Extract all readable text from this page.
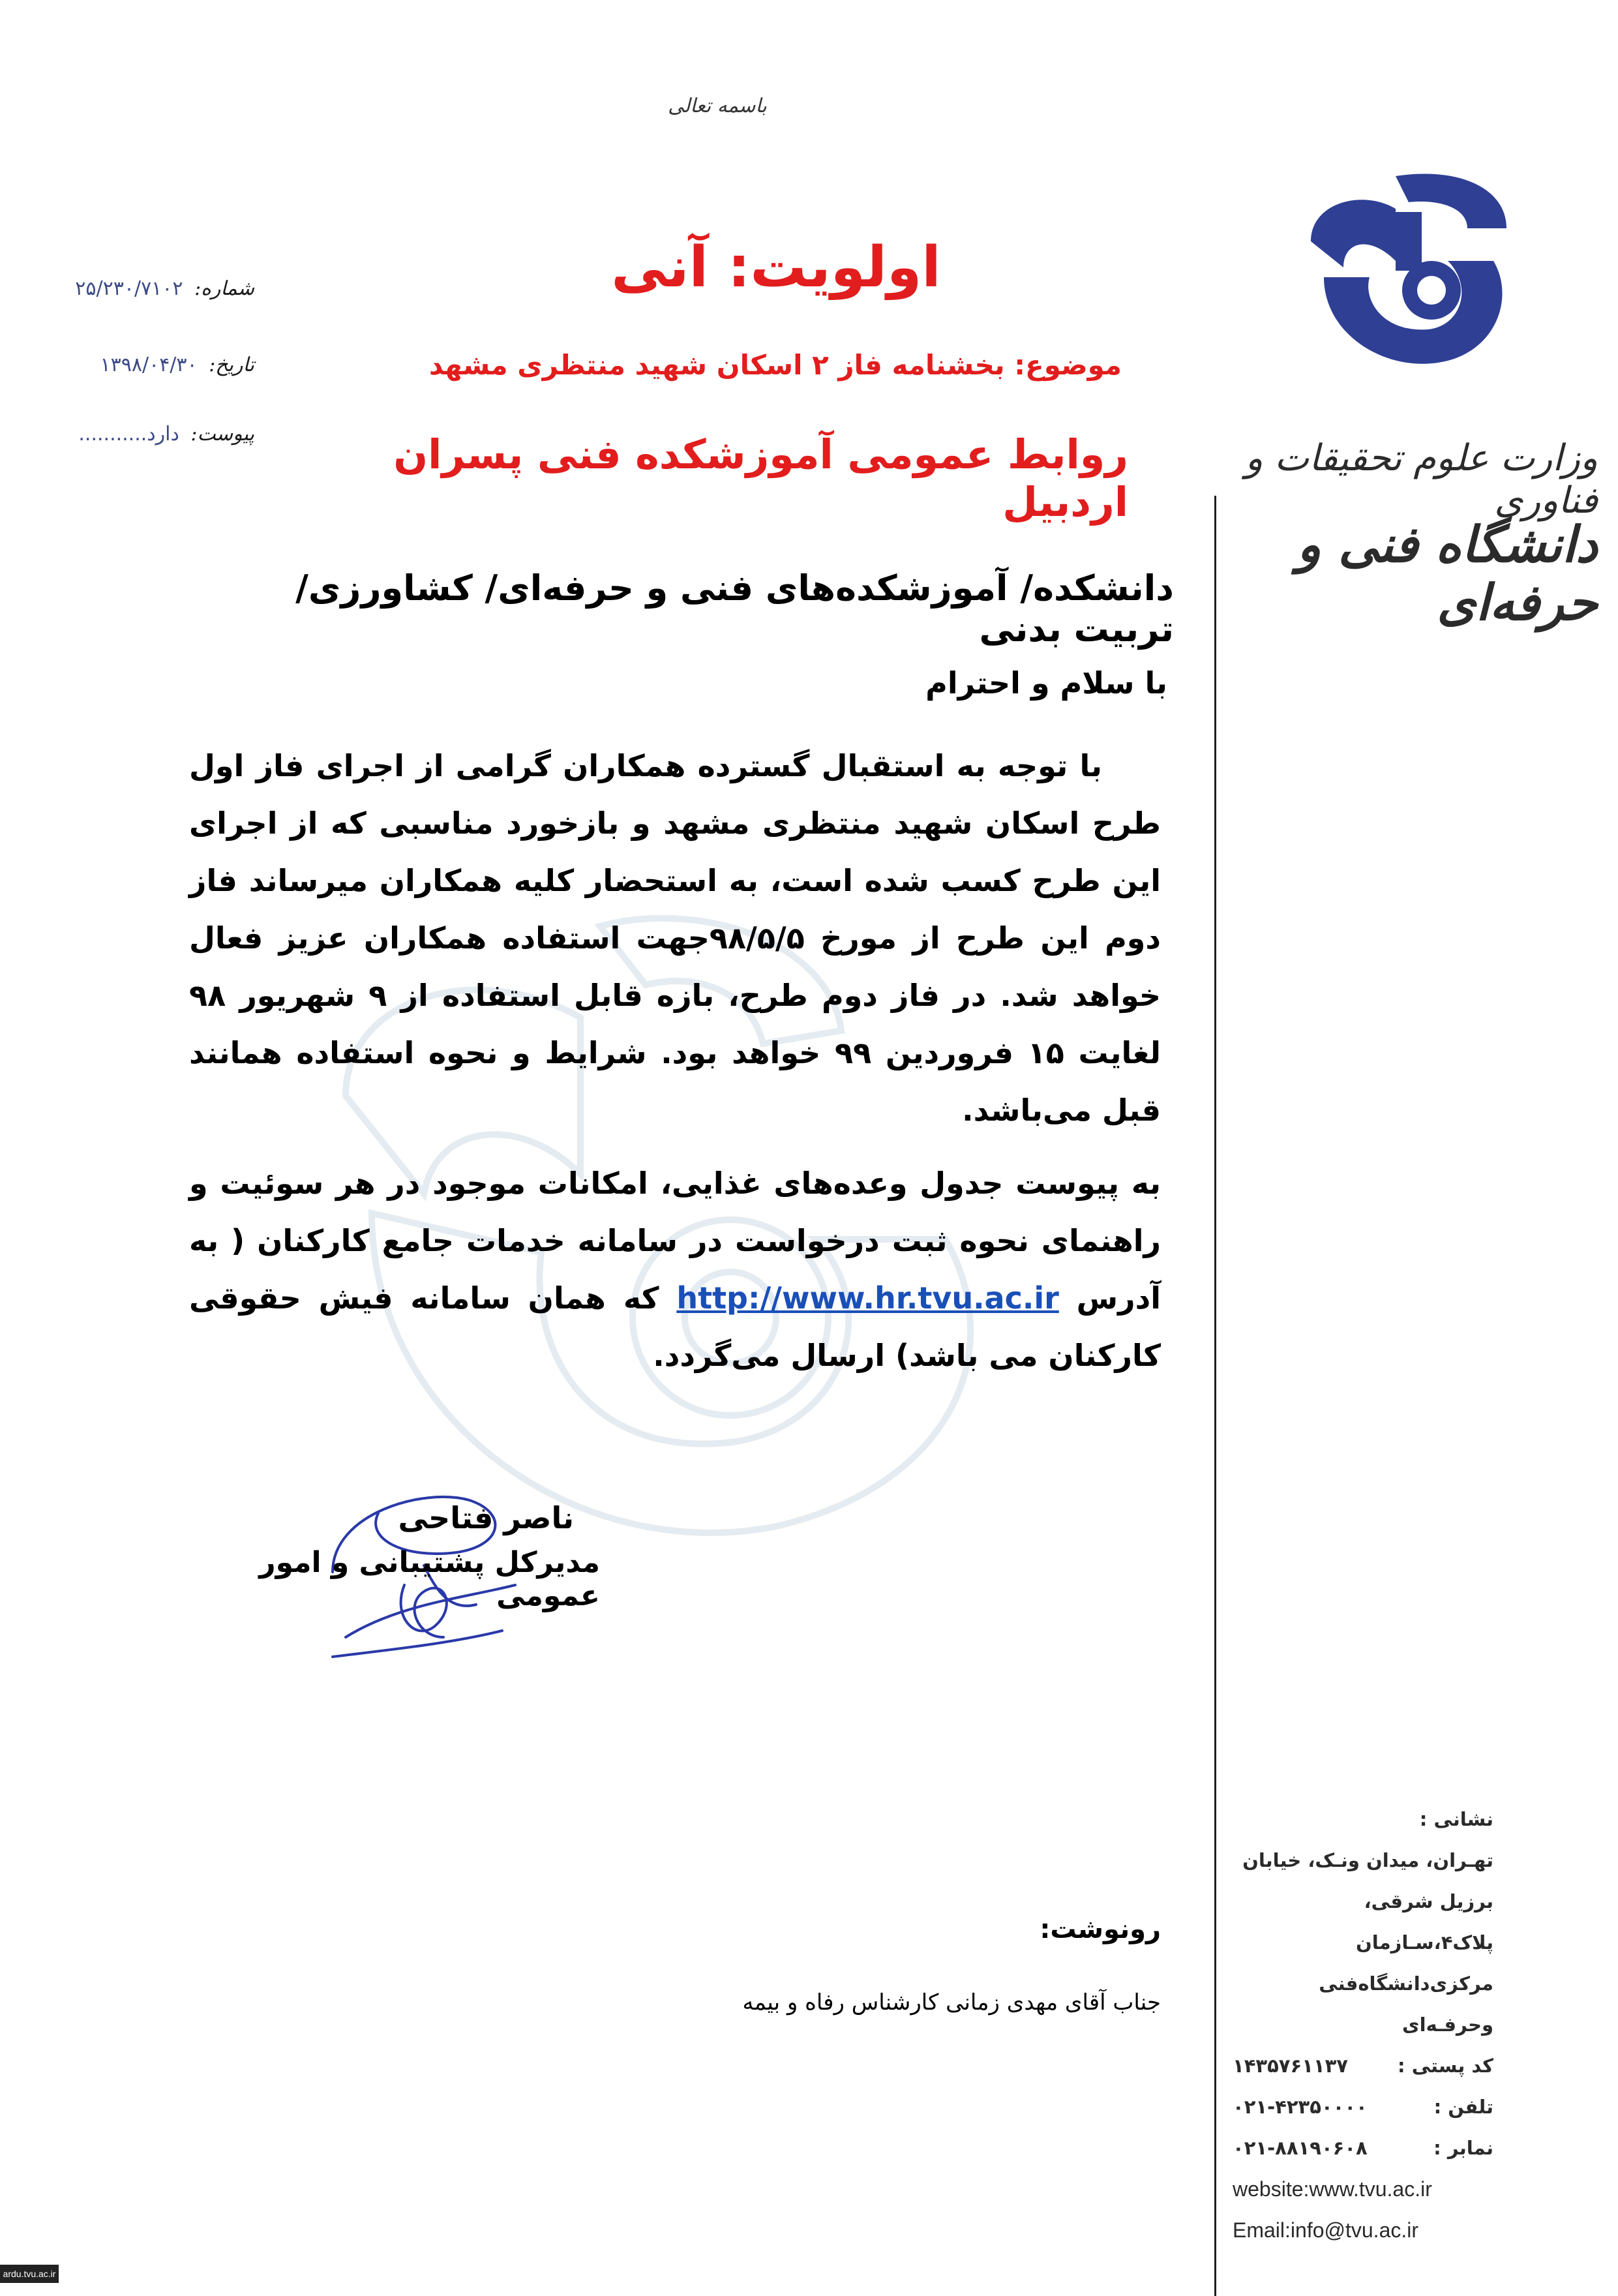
باسمه تعالی
اولویت: آنی
موضوع: بخشنامه فاز ۲ اسکان شهید منتظری مشهد
روابط عمومی آموزشکده فنی پسران اردبیل
شماره: ۲۵/۲۳۰/۷۱۰۲
تاریخ: ۱۳۹۸/۰۴/۳۰
پیوست: دارد...........
وزارت علوم تحقیقات و فناوری
دانشگاه فنی و حرفه‌ای
دانشکده/ آموزشکده‌های فنی و حرفه‌ای/ کشاورزی/ تربیت بدنی
با سلام و احترام
با توجه به استقبال گسترده همکاران گرامی از اجرای فاز اول طرح اسکان شهید منتظری مشهد و بازخورد مناسبی که از اجرای این طرح کسب شده است، به استحضار کلیه همکاران میرساند فاز دوم این طرح از مورخ ۹۸/۵/۵جهت استفاده همکاران عزیز فعال خواهد شد. در فاز دوم طرح، بازه قابل استفاده از ۹ شهریور ۹۸ لغایت ۱۵ فروردین ۹۹ خواهد بود. شرایط و نحوه استفاده همانند قبل می‌باشد.
به پیوست جدول وعده‌های غذایی، امکانات موجود در هر سوئیت و راهنمای نحوه ثبت درخواست در سامانه خدمات جامع کارکنان ( به آدرس http://www.hr.tvu.ac.ir که همان سامانه فیش حقوقی کارکنان می باشد) ارسال می‌گردد.
ناصر فتاحی
مدیرکل پشتیبانی و امور عمومی
رونوشت:
جناب آقای مهدی زمانی کارشناس رفاه و بیمه
نشانی :
تهـران، میدان ونـک، خیابان
برزیل شرقی، پلاک۴،سـازمان
مرکزی‌دانشگاه‌فنی وحرفـه‌ای
کد پستی :
۱۴۳۵۷۶۱۱۳۷
تلفن :
۰۲۱-۴۲۳۵۰۰۰۰
نمابر :
۰۲۱-۸۸۱۹۰۶۰۸
website:www.tvu.ac.ir
Email:info@tvu.ac.ir
ardu.tvu.ac.ir
